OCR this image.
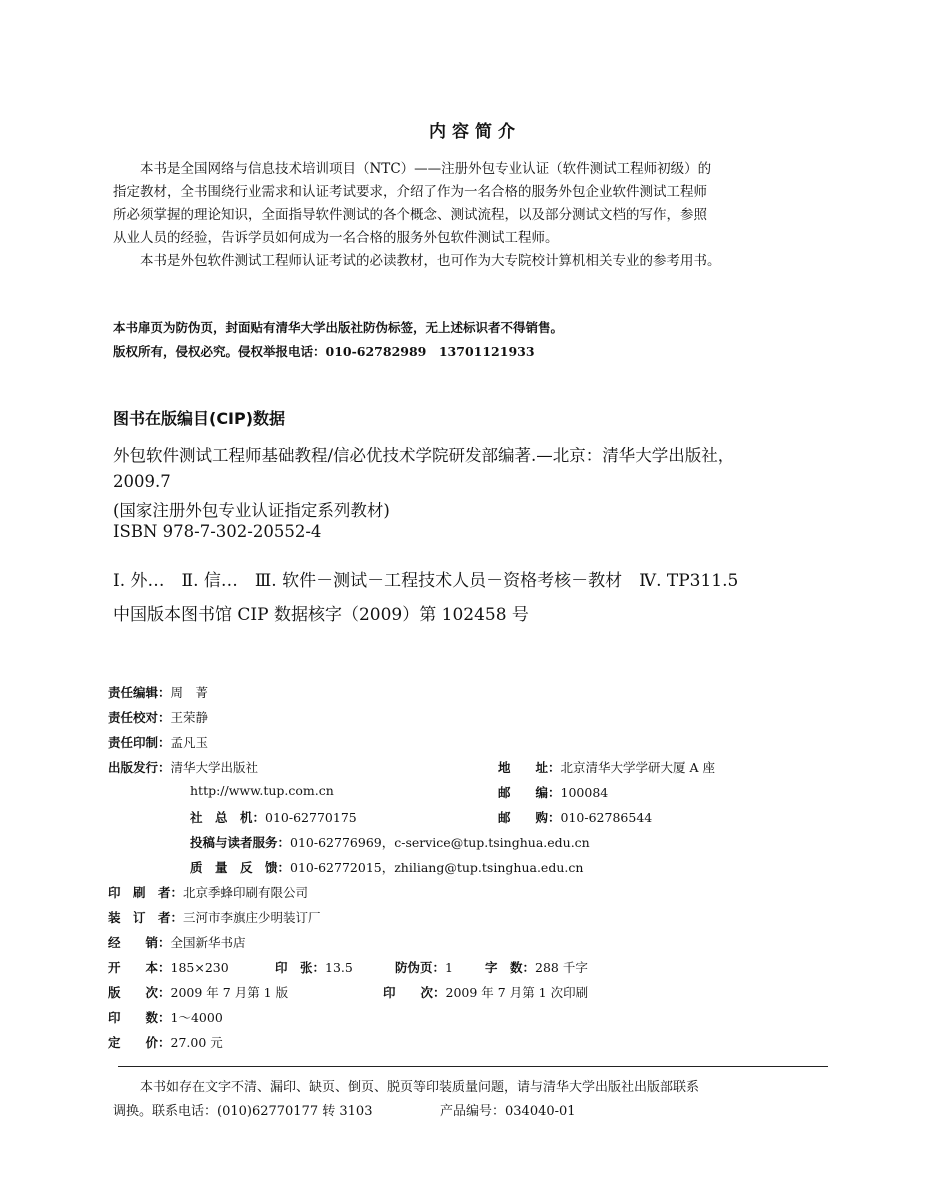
内容简介
本书是全国网络与信息技术培训项目（NTC）——注册外包专业认证（软件测试工程师初级）的
指定教材，全书围绕行业需求和认证考试要求，介绍了作为一名合格的服务外包企业软件测试工程师
所必须掌握的理论知识，全面指导软件测试的各个概念、测试流程，以及部分测试文档的写作，参照
从业人员的经验，告诉学员如何成为一名合格的服务外包软件测试工程师。
本书是外包软件测试工程师认证考试的必读教材，也可作为大专院校计算机相关专业的参考用书。
本书扉页为防伪页，封面贴有清华大学出版社防伪标签，无上述标识者不得销售。
版权所有，侵权必究。侵权举报电话：010-62782989　13701121933
图书在版编目(CIP)数据
外包软件测试工程师基础教程/信必优技术学院研发部编著.—北京：清华大学出版社，
2009.7
(国家注册外包专业认证指定系列教材)
ISBN 978-7-302-20552-4
Ⅰ. 外…　Ⅱ. 信…　Ⅲ. 软件－测试－工程技术人员－资格考核－教材　Ⅳ. TP311.5
中国版本图书馆 CIP 数据核字（2009）第 102458 号
责任编辑：周　菁
责任校对：王荣静
责任印制：孟凡玉
出版发行：清华大学出版社	地　　址：北京清华大学学研大厦 A 座
http://www.tup.com.cn	邮　　编：100084
社　总　机：010-62770175	邮　　购：010-62786544
投稿与读者服务：010-62776969，c-service@tup.tsinghua.edu.cn
质　量　反　馈：010-62772015，zhiliang@tup.tsinghua.edu.cn
印　刷　者：北京季蜂印刷有限公司
装　订　者：三河市李旗庄少明装订厂
经　　销：全国新华书店
开　　本：185×230	印　张：13.5	防伪页：1	字　数：288 千字
版　　次：2009 年 7 月第 1 版	印　　次：2009 年 7 月第 1 次印刷
印　　数：1～4000
定　　价：27.00 元
本书如存在文字不清、漏印、缺页、倒页、脱页等印装质量问题，请与清华大学出版社出版部联系
调换。联系电话：(010)62770177 转 3103	产品编号：034040-01
